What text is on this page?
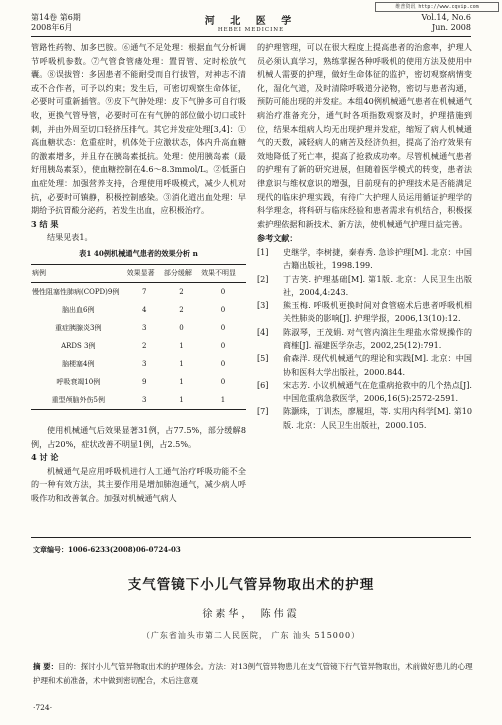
维普资讯 http://www.cqvip.com
第14卷 第6期
2008年6月
河 北 医 学
HEBEI MEDICINE
Vol.14, No.6
Jun. 2008

管路性药物、加多巴胺。⑥通气不足处理：根据血气分析调节呼吸机参数。⑦气管食管瘘处理：置胃管、定时松放气囊。⑧误拔管：多因患者不能耐受而自行拔管，对神志不清或不合作者，可予以约束；发生后，可密切观察生命体征，必要时可重新插管。⑨皮下气肿处理：皮下气肿多可自行吸收，更换气管导管，必要时可在有气肿的部位做小切口或针刺，并由外周至切口轻挤压排气。其它并发症处理[3,4]：①高血糖状态：危重症时，机体处于应激状态，体内升高血糖的激素增多，并且存在胰岛素抵抗。处理：使用胰岛素（最好用胰岛素泵），使血糖控制在4.6～8.3mmol/L。②低蛋白血症处理：加强营养支持，合理使用呼吸模式，减少人机对抗，必要时可镇静，积极控制感染。③消化道出血处理：早期给予抗胃酸分泌药，若发生出血，应积极治疗。

3 结 果

结果见表1。

表1 40例机械通气患者的效果分析 n
病例	效果显著	部分缓解	效果不明显
慢性阻塞性肺病(COPD)9例	7	2	0
脑出血6例	4	2	0
重症胰腺炎3例	3	0	0
ARDS 3例	2	1	0
脑梗塞4例	3	1	0
呼吸衰竭10例	9	1	0
重型颅脑外伤5例	3	1	1

使用机械通气后效果显著31例，占77.5%，部分缓解8例，占20%，症状改善不明显1例，占2.5%。

4 讨 论

机械通气是应用呼吸机进行人工通气治疗呼吸功能不全的一种有效方法，其主要作用是增加肺泡通气，减少病人呼吸作功和改善氧合。加强对机械通气病人

的护理管理，可以在很大程度上提高患者的治愈率，护理人员必须认真学习，熟练掌握各种呼吸机的使用方法及使用中机械人需要的护理，做好生命体征的监护，密切观察病情变化，湿化气道，及时清除呼吸道分泌物，密切与患者沟通，预防可能出现的并发症。本组40例机械通气患者在机械通气病治疗准备充分，通气时各项指数观察及时，护理措施到位，结果本组病人均无出现护理并发症，缩短了病人机械通气的天数，减轻病人的痛苦及经济负担，提高了治疗效果有效地降低了死亡率，提高了抢救成功率。尽管机械通气患者的护理有了新的研究进展，但随着医学模式的转变，患者法律意识与维权意识的增强，目前现有的护理技术是否能满足现代的临床护理实践，有待广大护理人员运用循证护理学的科学理念，将科研与临床经验和患者需求有机结合，积极探索护理依据和新技术、新方法，使机械通气护理日益完善。

参考文献：

[1] 史继学，李树捷，秦春秀. 急诊护理[M]. 北京：中国古籍出版社，1998.199.
[2] 丁吉笑. 护理基础[M]. 第1版. 北京：人民卫生出版社，2004,4:243.
[3] 熊玉梅. 呼吸机更换时间对食管癌术后患者呼吸机相关性肺炎的影响[J]. 护理学报，2006,13(10):12.
[4] 陈淑琴，王茂娟. 对气管内滴注生理盐水常规操作的商榷[J]. 福建医学杂志，2002,25(12):791.
[5] 俞森洋. 现代机械通气的理论和实践[M]. 北京：中国协和医科大学出版社，2000.844.
[6] 宋志芳. 小议机械通气在危重病抢救中的几个热点[J]. 中国危重病急救医学，2006,16(5):2572-2591.
[7] 陈灏珠，丁训杰，廖履坦，等. 实用内科学[M]. 第10版. 北京：人民卫生出版社，2000.105.
文章编号：1006-6233(2008)06-0724-03
支气管镜下小儿气管异物取出术的护理
徐素华， 陈伟霞
（广东省汕头市第二人民医院， 广东 汕头 515000）
摘 要：目的：探讨小儿气管异物取出术的护理体会。方法：对13例气管异物患儿在支气管镜下行气管异物取出，术前做好患儿的心理护理和术前准备，术中做到密切配合，术后注意观
·724·
